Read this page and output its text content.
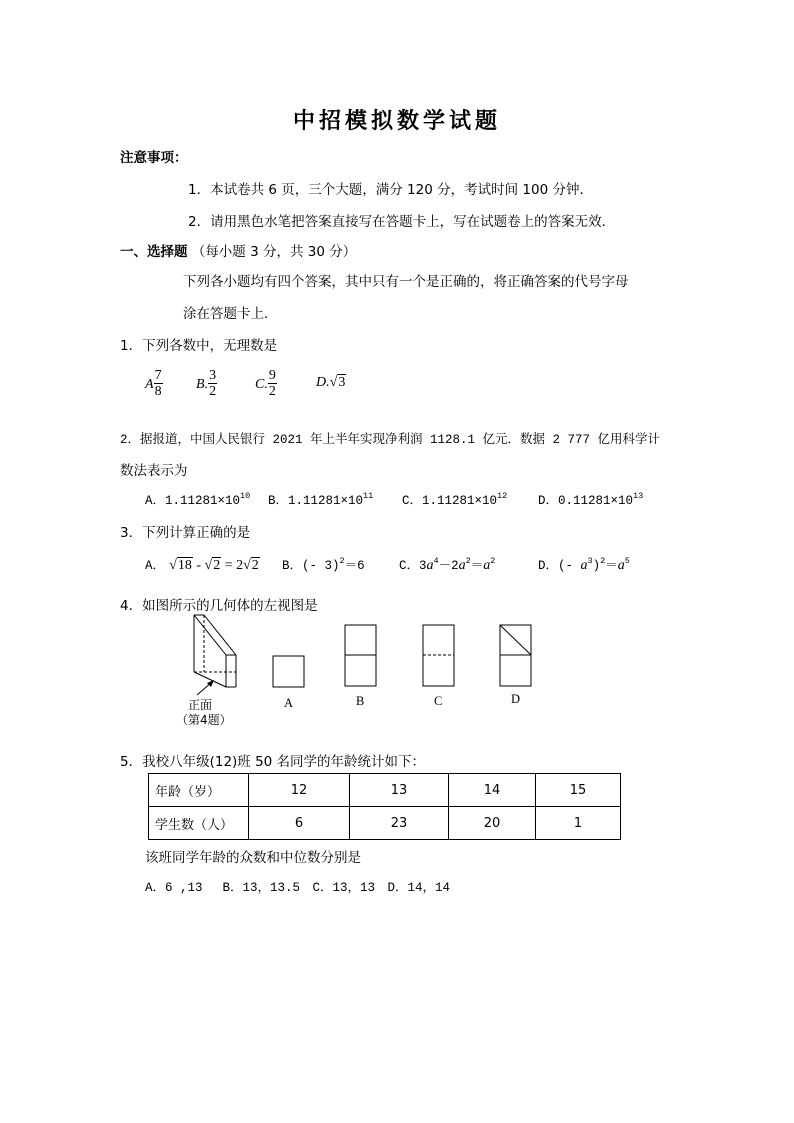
中招模拟数学试题
注意事项：
1．本试卷共 6 页，三个大题，满分 120 分，考试时间 100 分钟．
2．请用黑色水笔把答案直接写在答题卡上，写在试题卷上的答案无效．
一、选择题 （每小题 3 分，共 30 分）
下列各小题均有四个答案，其中只有一个是正确的，将正确答案的代号字母
涂在答题卡上．
1．下列各数中，无理数是
A $\frac{7}{8} B$. $\frac{3}{2}$	C. $\frac{9}{2}$	D.√3
2．据报道，中国人民银行 2021 年上半年实现净利润 1128.1 亿元．数据 2 777 亿用科学计
数法表示为
A．$1.11281\times 10^{10}$ B．$1.11281\times 10^{11}$ C．$1.11281\times 10^{12}$ D．$0.11281\times 10^{13}$
3．下列计算正确的是
A． √18 - √2 = 2√2 B．(- 3)$^2$＝6	C．$3a^4-2a^2=a^2$	D．(- $a^3)^2=a^5$
4．如图所示的几何体的左视图是
正面
（第4题）
A	B	C	D
5．我校八年级(12)班 50 名同学的年龄统计如下：
年龄（岁）	12	13	14	15
学生数（人）	6	23	20	1
该班同学年龄的众数和中位数分别是
A．6 ,13　 B．13，13.5　C．13，13　D．14，14
